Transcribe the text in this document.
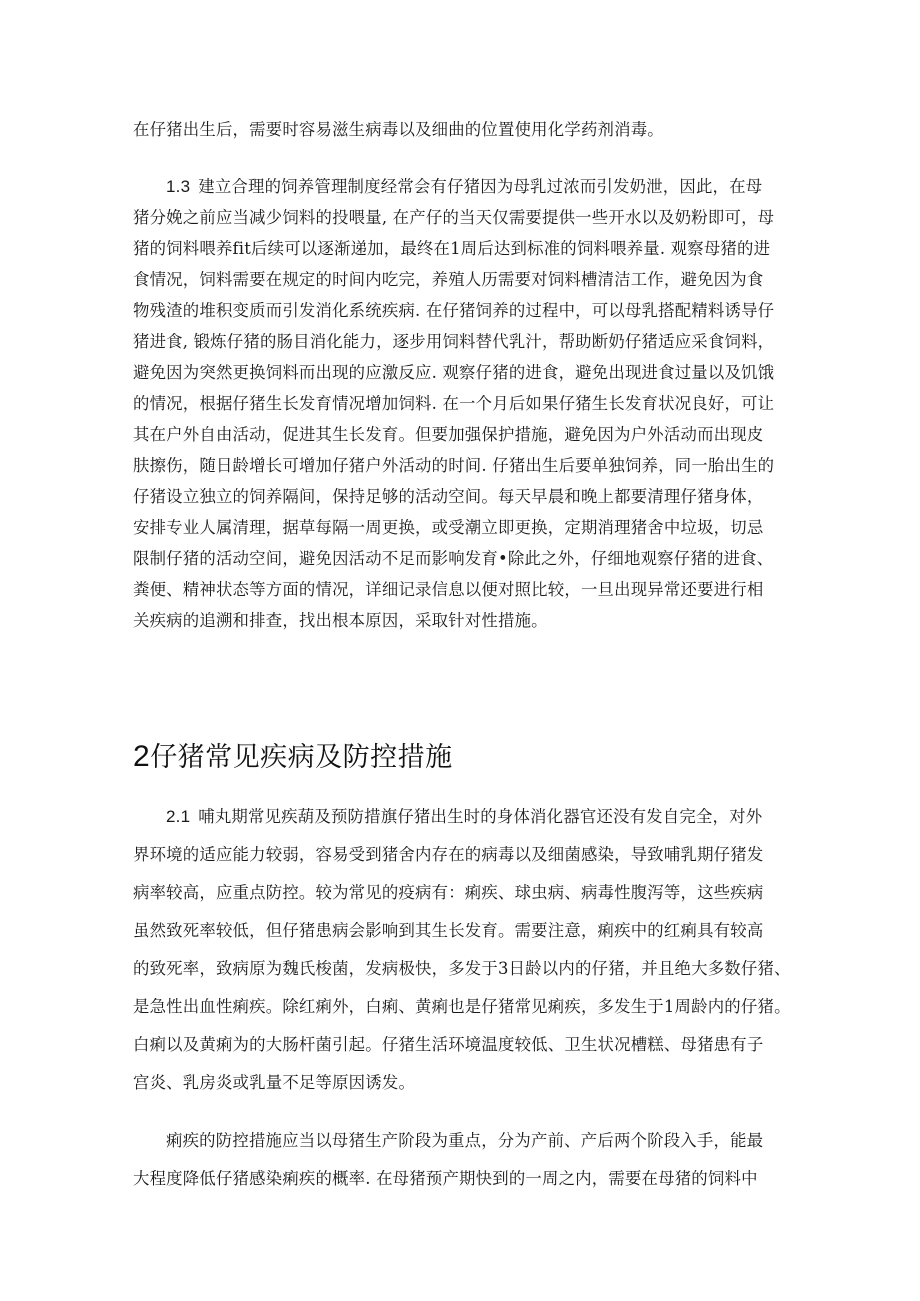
在仔猪出生后，需要时容易滋生病毒以及细曲的位置使用化学药剂消毒。
1.3 建立合理的饲养管理制度经常会有仔猪因为母乳过浓而引发奶泄，因此，在母
猪分娩之前应当减少饲料的投喂量, 在产仔的当天仅需要提供一些开水以及奶粉即可，母
猪的饲料喂养fit后续可以逐渐递加，最终在1周后达到标准的饲料喂养量. 观察母猪的进
食情况，饲料需要在规定的时间内吃完，养殖人历需要对饲料槽清洁工作，避免因为食
物残渣的堆积变质而引发消化系统疾病. 在仔猪饲养的过程中，可以母乳搭配精料诱导仔
猪进食, 锻炼仔猪的肠目消化能力，逐步用饲料替代乳汁，帮助断奶仔猪适应采食饲料，
避免因为突然更换饲料而出现的应激反应. 观察仔猪的进食，避免出现进食过量以及饥饿
的情况，根据仔猪生长发育情况增加饲料. 在一个月后如果仔猪生长发育状况良好，可让
其在户外自由活动，促进其生长发育。但要加强保护措施，避免因为户外活动而出现皮
肤擦伤，随日龄增长可增加仔猪户外活动的时间. 仔猪出生后要单独饲养，同一胎出生的
仔猪设立独立的饲养隔间，保持足够的活动空间。每天早晨和晚上都要清理仔猪身体，
安排专业人属清理，据草每隔一周更换，或受潮立即更换，定期消理猪舍中垃圾，切忌
限制仔猪的活动空间，避免因活动不足而影响发育•除此之外，仔细地观察仔猪的进食、
粪便、精神状态等方面的情况，详细记录信息以便对照比较，一旦出现异常还要进行相
关疾病的追溯和排查，找出根本原因，采取针对性措施。
2仔猪常见疾病及防控措施
2.1 哺丸期常见疾葫及预防措旗仔猪出生时的身体消化器官还没有发自完全，对外
界环境的适应能力较弱，容易受到猪舍内存在的病毒以及细菌感染，导致哺乳期仔猪发
病率较高，应重点防控。较为常见的疫病有：痢疾、球虫病、病毒性腹泻等，这些疾病
虽然致死率较低，但仔猪患病会影响到其生长发育。需要注意，痢疾中的红痢具有较高
的致死率，致病原为魏氏梭菌，发病极快，多发于3日龄以内的仔猪，并且绝大多数仔猪、
是急性出血性痢疾。除红痢外，白痢、黄痢也是仔猪常见痢疾，多发生于1周龄内的仔猪。
白痢以及黄痢为的大肠杆菌引起。仔猪生活环境温度较低、卫生状况槽糕、母猪患有子
宫炎、乳房炎或乳量不足等原因诱发。
痢疾的防控措施应当以母猪生产阶段为重点，分为产前、产后两个阶段入手，能最
大程度降低仔猪感染痢疾的概率. 在母猪预产期快到的一周之内，需要在母猪的饲料中
